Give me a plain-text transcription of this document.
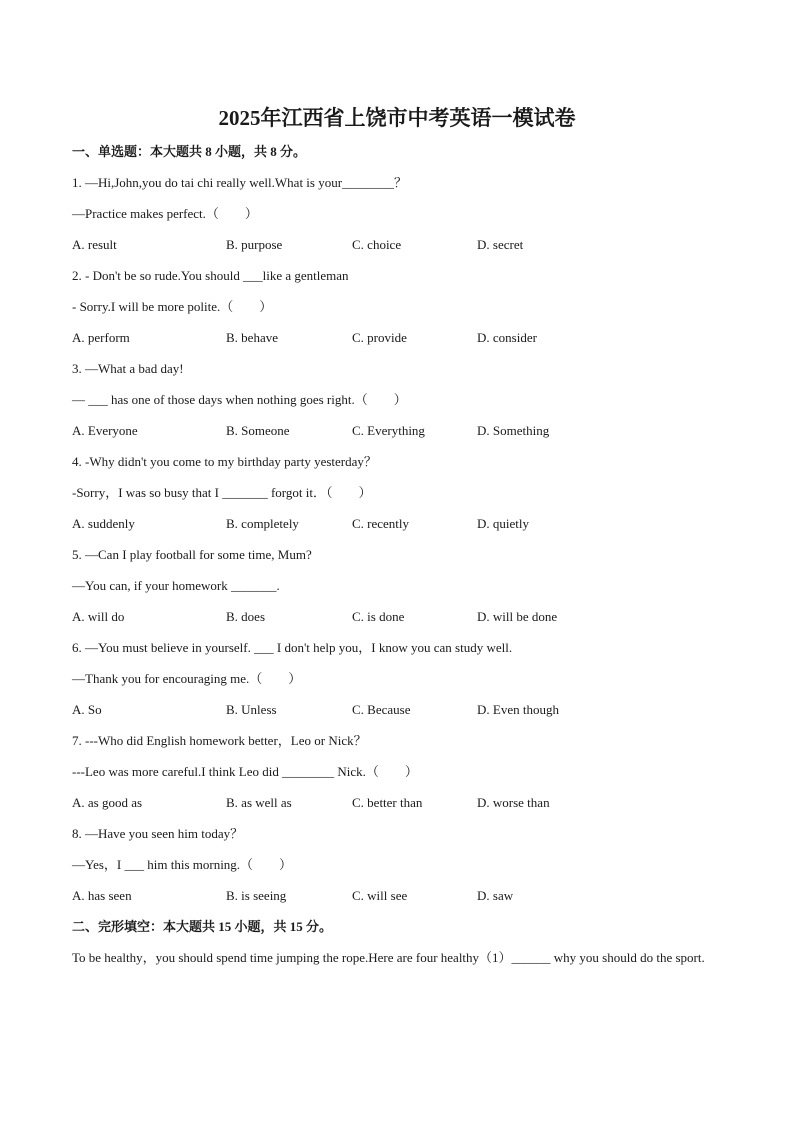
2025年江西省上饶市中考英语一模试卷
一、单选题：本大题共 8 小题，共 8 分。
1. —Hi,John,you do tai chi really well.What is your________？
—Practice makes perfect.（　　）
A. result	B. purpose	C. choice	D. secret
2. - Don't be so rude.You should ___like a gentleman
- Sorry.I will be more polite.（　　）
A. perform	B. behave	C. provide	D. consider
3. —What a bad day!
— ___ has one of those days when nothing goes right.（　　）
A. Everyone	B. Someone	C. Everything	D. Something
4. -Why didn't you come to my birthday party yesterday？
-Sorry，I was so busy that I _______ forgot it．（　　）
A. suddenly	B. completely	C. recently	D. quietly
5. —Can I play football for some time, Mum?
—You can, if your homework _______.
A. will do	B. does	C. is done	D. will be done
6. —You must believe in yourself. ___ I don't help you，I know you can study well.
—Thank you for encouraging me.（　　）
A. So	B. Unless	C. Because	D. Even though
7. ---Who did English homework better，Leo or Nick？
---Leo was more careful.I think Leo did ________ Nick.（　　）
A. as good as	B. as well as	C. better than	D. worse than
8. —Have you seen him today？
—Yes，I ___ him this morning.（　　）
A. has seen	B. is seeing	C. will see	D. saw
二、完形填空：本大题共 15 小题，共 15 分。
To be healthy，you should spend time jumping the rope.Here are four healthy（1）______ why you should do the sport.
